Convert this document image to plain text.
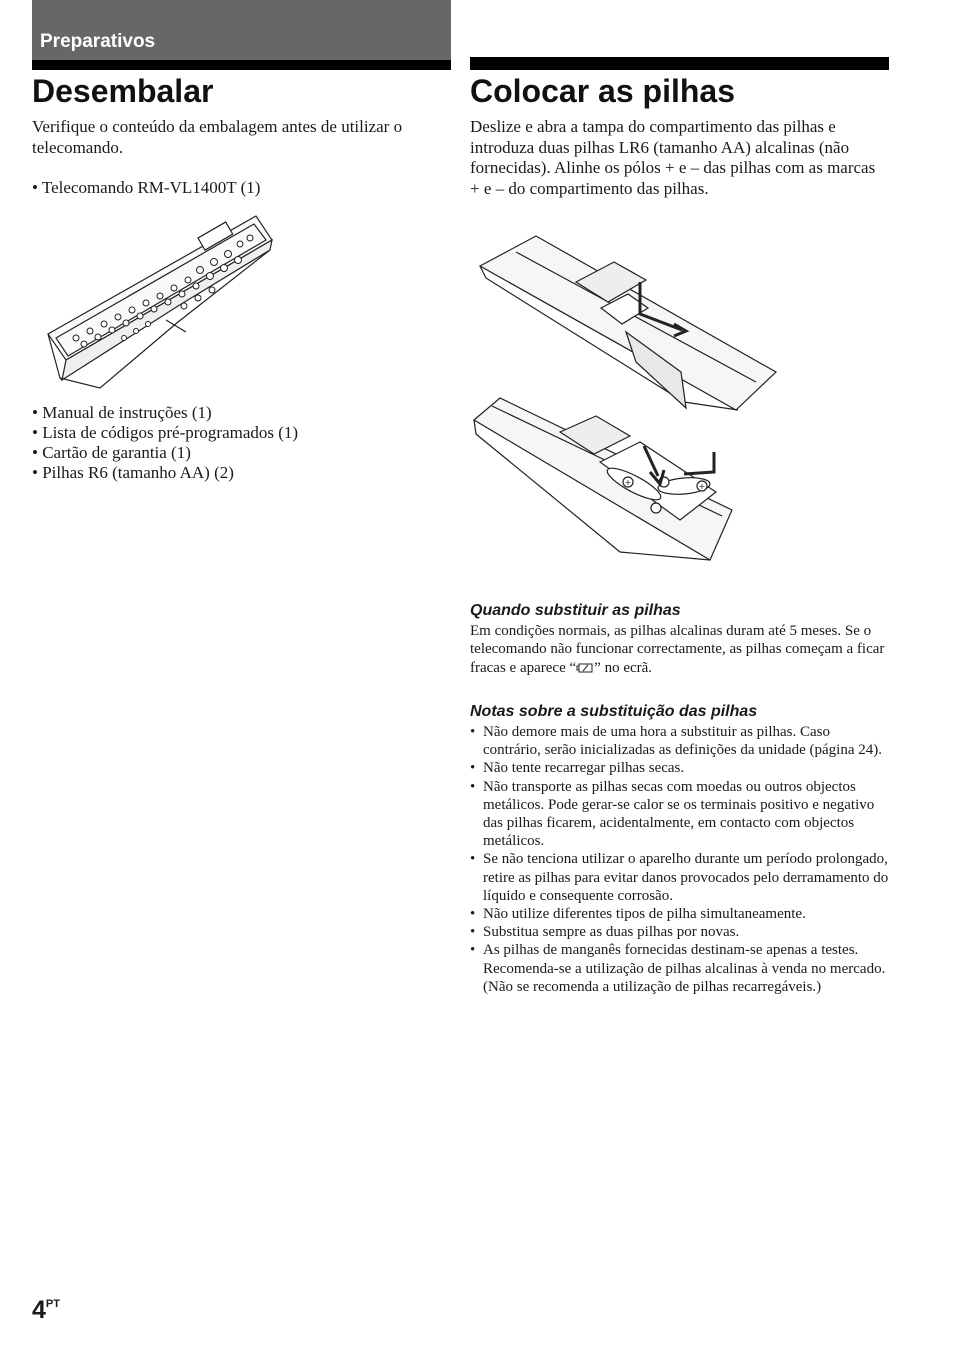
Preparativos
Desembalar

Verifique o conteúdo da embalagem antes de utilizar o telecomando.

• Telecomando RM-VL1400T (1)

• Manual de instruções (1)
• Lista de códigos pré-programados (1)
• Cartão de garantia (1)
• Pilhas R6 (tamanho AA) (2)
Colocar as pilhas

Deslize e abra a tampa do compartimento das pilhas e introduza duas pilhas LR6 (tamanho AA) alcalinas (não fornecidas). Alinhe os pólos + e – das pilhas com as marcas + e – do compartimento das pilhas.

+	+
Quando substituir as pilhas

Em condições normais, as pilhas alcalinas duram até 5 meses. Se o telecomando não funcionar correctamente, as pilhas começam a ficar fracas e aparece “ ” no ecrã.

Notas sobre a substituição das pilhas
• Não demore mais de uma hora a substituir as pilhas. Caso contrário, serão inicializadas as definições da unidade (página 24).
• Não tente recarregar pilhas secas.
• Não transporte as pilhas secas com moedas ou outros objectos metálicos. Pode gerar-se calor se os terminais positivo e negativo das pilhas ficarem, acidentalmente, em contacto com objectos metálicos.
• Se não tenciona utilizar o aparelho durante um período prolongado, retire as pilhas para evitar danos provocados pelo derramamento do líquido e consequente corrosão.
• Não utilize diferentes tipos de pilha simultaneamente.
• Substitua sempre as duas pilhas por novas.
• As pilhas de manganês fornecidas destinam-se apenas a testes. Recomenda-se a utilização de pilhas alcalinas à venda no mercado. (Não se recomenda a utilização de pilhas recarregáveis.)
$4^{PT}$
